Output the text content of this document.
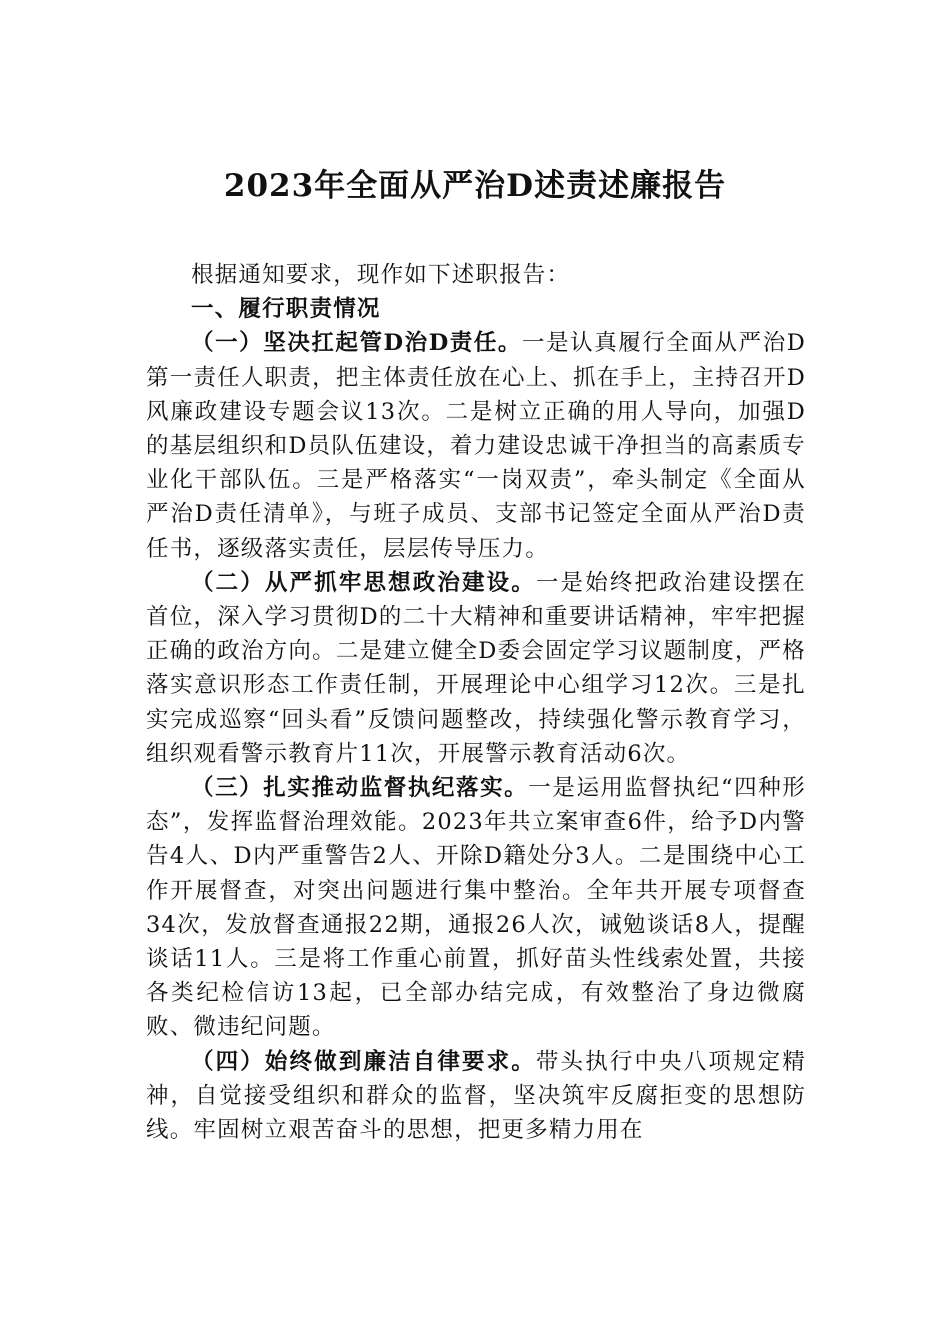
2023年全面从严治D述责述廉报告

根据通知要求，现作如下述职报告：

一、履行职责情况

（一）坚决扛起管D治D责任。一是认真履行全面从严治D第一责任人职责，把主体责任放在心上、抓在手上，主持召开D风廉政建设专题会议13次。二是树立正确的用人导向，加强D的基层组织和D员队伍建设，着力建设忠诚干净担当的高素质专业化干部队伍。三是严格落实“一岗双责”，牵头制定《全面从严治D责任清单》，与班子成员、支部书记签定全面从严治D责任书，逐级落实责任，层层传导压力。

（二）从严抓牢思想政治建设。一是始终把政治建设摆在首位，深入学习贯彻D的二十大精神和重要讲话精神，牢牢把握正确的政治方向。二是建立健全D委会固定学习议题制度，严格落实意识形态工作责任制，开展理论中心组学习12次。三是扎实完成巡察“回头看”反馈问题整改，持续强化警示教育学习，组织观看警示教育片11次，开展警示教育活动6次。

（三）扎实推动监督执纪落实。一是运用监督执纪“四种形态”，发挥监督治理效能。2023年共立案审查6件，给予D内警告4人、D内严重警告2人、开除D籍处分3人。二是围绕中心工作开展督查，对突出问题进行集中整治。全年共开展专项督查34次，发放督查通报22期，通报26人次，诫勉谈话8人，提醒谈话11人。三是将工作重心前置，抓好苗头性线索处置，共接各类纪检信访13起，已全部办结完成，有效整治了身边微腐败、微违纪问题。

（四）始终做到廉洁自律要求。带头执行中央八项规定精神，自觉接受组织和群众的监督，坚决筑牢反腐拒变的思想防线。牢固树立艰苦奋斗的思想，把更多精力用在
